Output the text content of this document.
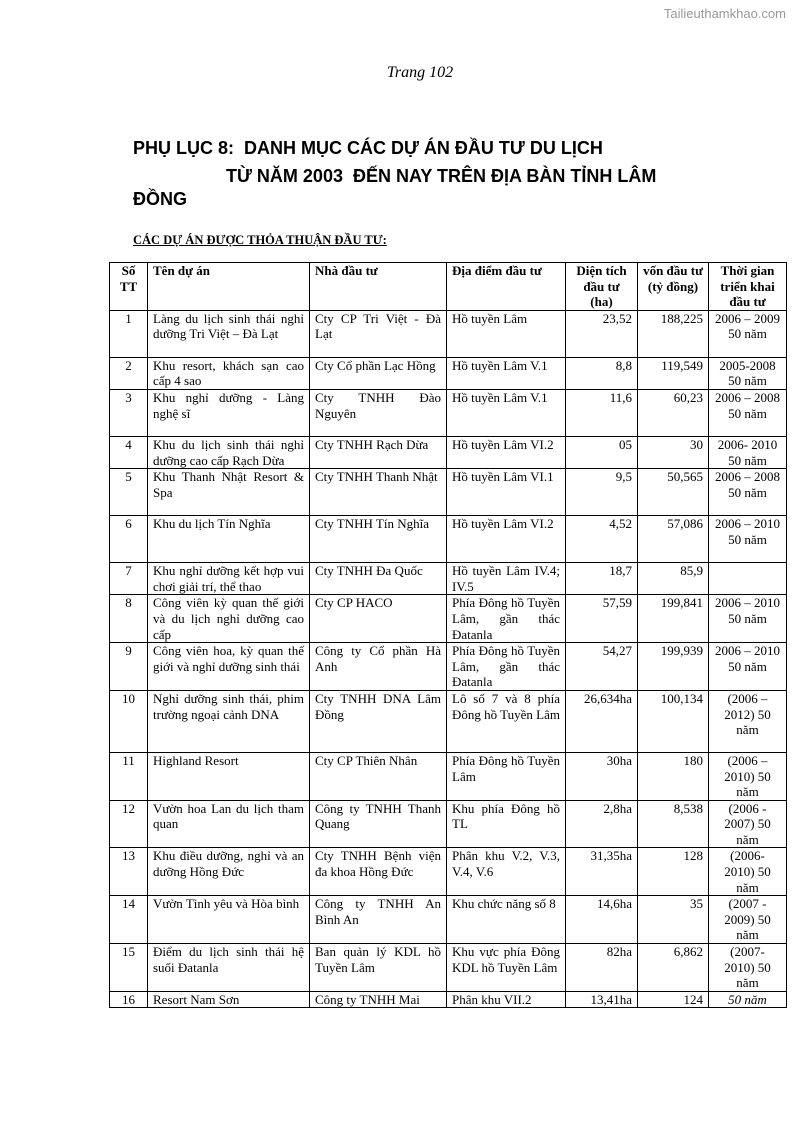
Tailieuthamkhao.com
Trang 102
PHỤ LỤC 8:  DANH MỤC CÁC DỰ ÁN ĐẦU TƯ DU LỊCH
TỪ NĂM 2003  ĐẾN NAY TRÊN ĐỊA BÀN TỈNH LÂM
ĐỒNG
CÁC DỰ ÁN ĐƯỢC THỎA THUẬN ĐẦU TƯ:
Số TT	Tên dự án	Nhà đầu tư	Địa điểm đầu tư	Diện tích đầu tư (ha)	vốn đầu tư (tỷ đồng)	Thời gian triển khai đầu tư
1	Làng du lịch sinh thái nghỉ dưỡng Tri Việt – Đà Lạt	Cty CP Tri Việt - Đà Lạt	Hồ tuyền Lâm	23,52	188,225	2006 – 2009 50 năm
2	Khu resort, khách sạn cao cấp 4 sao	Cty Cổ phần Lạc Hồng	Hồ tuyền Lâm V.1	8,8	119,549	2005-2008 50 năm
3	Khu nghỉ dưỡng - Làng nghệ sĩ	Cty TNHH Đào Nguyên	Hồ tuyền Lâm V.1	11,6	60,23	2006 – 2008 50 năm
4	Khu du lịch sinh thái nghỉ dưỡng cao cấp Rạch Dừa	Cty TNHH Rạch Dừa	Hồ tuyền Lâm VI.2	05	30	2006- 2010 50 năm
5	Khu Thanh Nhật Resort & Spa	Cty TNHH Thanh Nhật	Hồ tuyền Lâm VI.1	9,5	50,565	2006 – 2008 50 năm
6	Khu du lịch Tín Nghĩa	Cty TNHH Tín Nghĩa	Hồ tuyền Lâm VI.2	4,52	57,086	2006 – 2010 50 năm
7	Khu nghỉ dưỡng kết hợp vui chơi giải trí, thể thao	Cty TNHH Đa Quốc	Hồ tuyền Lâm IV.4; IV.5	18,7	85,9	
8	Công viên kỳ quan thế giới và du lịch nghỉ dưỡng cao cấp	Cty CP HACO	Phía Đông hồ Tuyền Lâm, gần thác Đatanla	57,59	199,841	2006 – 2010 50 năm
9	Công viên hoa, kỳ quan thế giới và nghỉ dưỡng sinh thái	Công ty Cổ phần Hà Anh	Phía Đông hồ Tuyền Lâm, gần thác Đatanla	54,27	199,939	2006 – 2010 50 năm
10	Nghỉ dưỡng sinh thái, phim trường ngoại cảnh DNA	Cty TNHH DNA Lâm Đồng	Lô số 7 và 8 phía Đông hồ Tuyền Lâm	26,634ha	100,134	(2006 – 2012) 50 năm
11	Highland Resort	Cty CP Thiên Nhân	Phía Đông hồ Tuyền Lâm	30ha	180	(2006 – 2010) 50 năm
12	Vườn hoa Lan du lịch tham quan	Công ty TNHH Thanh Quang	Khu phía Đông hồ TL	2,8ha	8,538	(2006 - 2007) 50 năm
13	Khu điều dưỡng, nghỉ và an dưỡng Hồng Đức	Cty TNHH Bệnh viện đa khoa Hồng Đức	Phân khu V.2, V.3, V.4, V.6	31,35ha	128	(2006- 2010) 50 năm
14	Vườn Tình yêu và Hòa bình	Công ty TNHH An Bình An	Khu chức năng số 8	14,6ha	35	(2007 - 2009) 50 năm
15	Điểm du lịch sinh thái hệ suối Đatanla	Ban quản lý KDL hồ Tuyền Lâm	Khu vực phía Đông KDL hồ Tuyền Lâm	82ha	6,862	(2007- 2010) 50 năm
16	Resort Nam Sơn	Công ty TNHH Mai	Phân khu VII.2	13,41ha	124	50 năm
